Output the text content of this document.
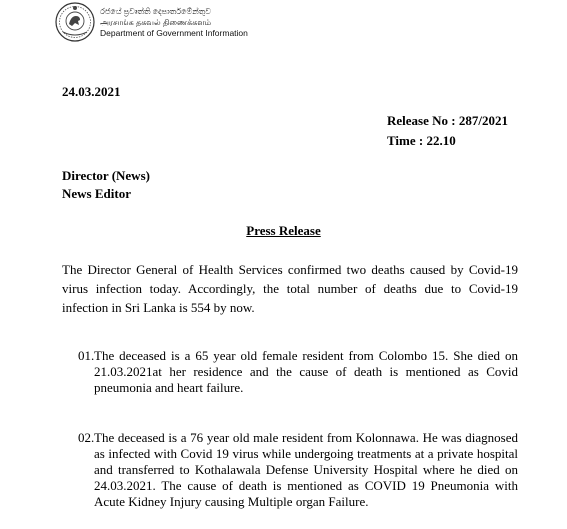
රජයේ ප්‍රවෘත්ති දෙපාර්තමේන්තුව
அரசாங்க தகவல் திணைக்களம்
Department of Government Information
24.03.2021
Release No : 287/2021
Time : 22.10
Director (News)
News Editor
Press Release
The Director General of Health Services confirmed two deaths caused by Covid-19 virus infection today. Accordingly, the total number of deaths due to Covid-19 infection in Sri Lanka is 554 by now.
01. The deceased is a 65 year old female resident from Colombo 15. She died on 21.03.2021at her residence and the cause of death is mentioned as Covid pneumonia and heart failure.
02. The deceased is a 76 year old male resident from Kolonnawa. He was diagnosed as infected with Covid 19 virus while undergoing treatments at a private hospital and transferred to Kothalawala Defense University Hospital where he died on 24.03.2021. The cause of death is mentioned as COVID 19 Pneumonia with Acute Kidney Injury causing Multiple organ Failure.
